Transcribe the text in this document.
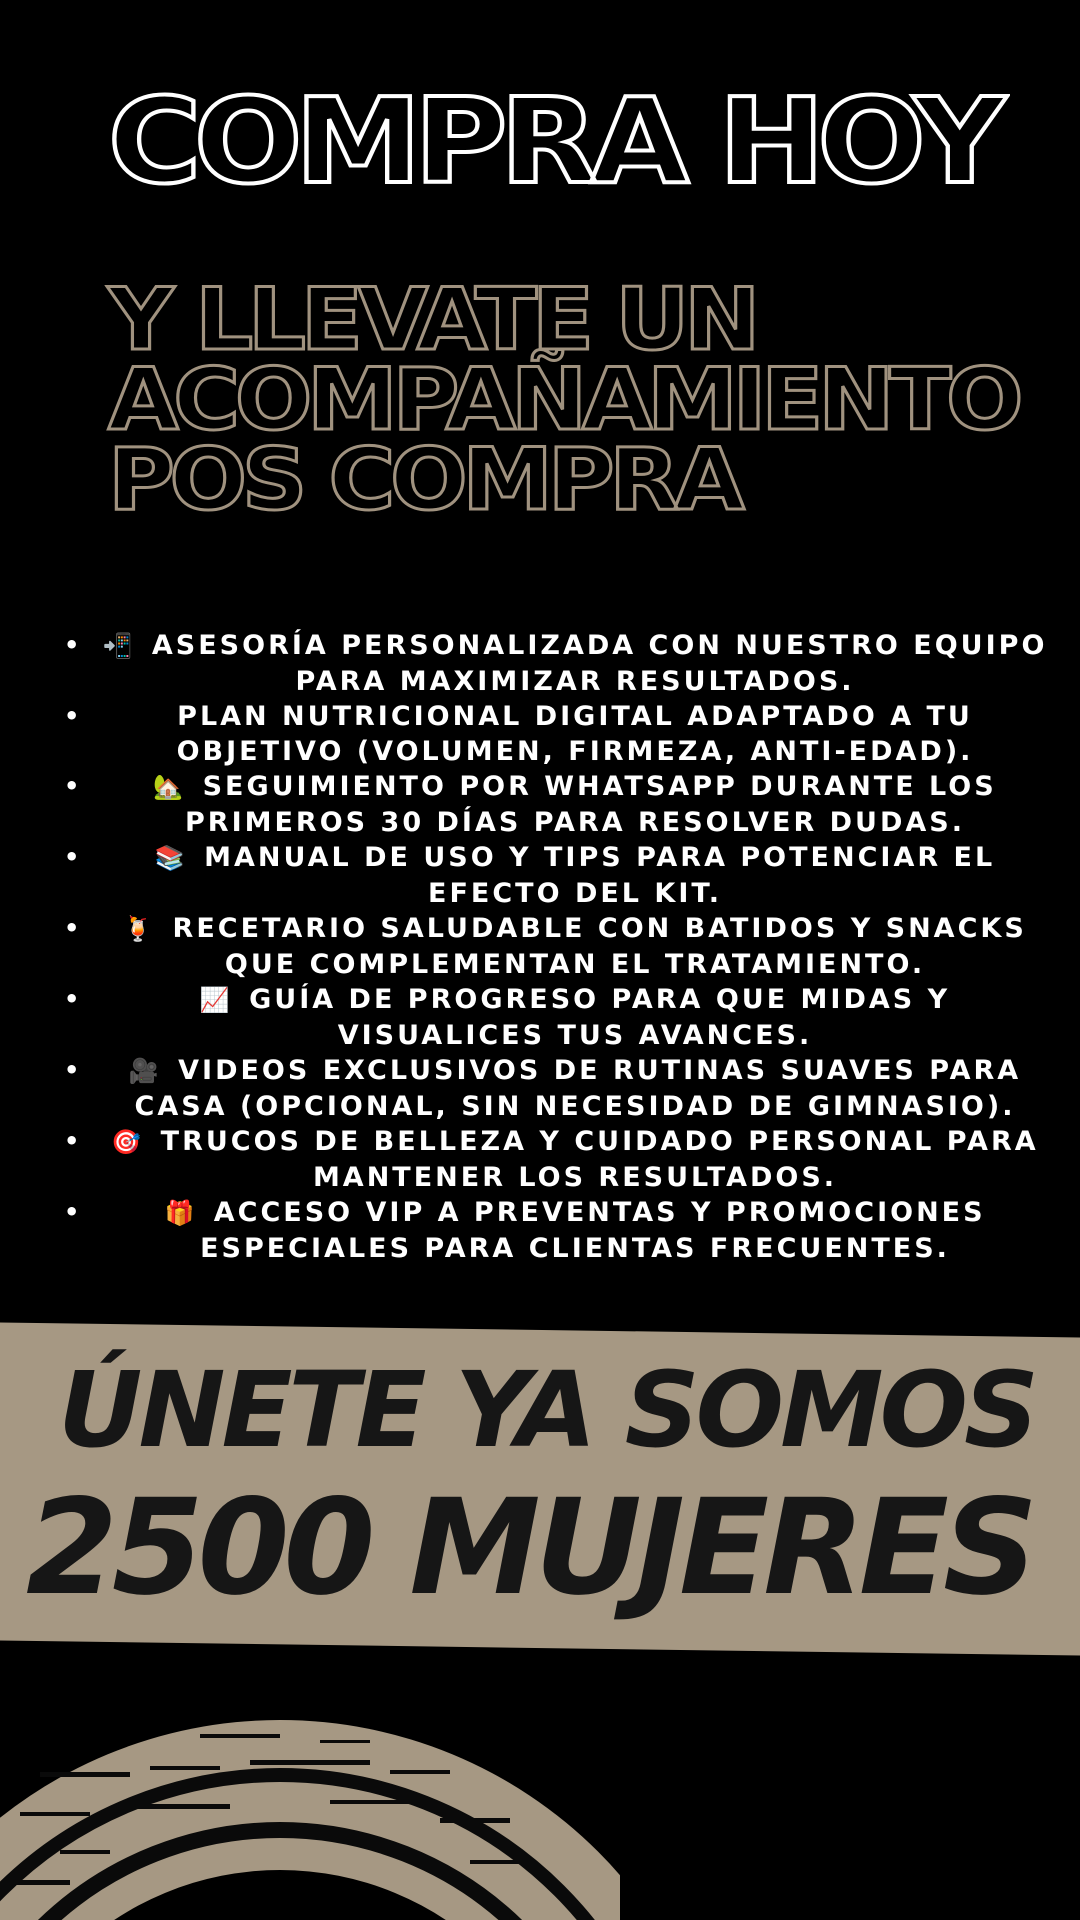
COMPRA HOY
Y LLEVATE UN
ACOMPAÑAMIENTO
POS COMPRA
• 📲 ASESORÍA PERSONALIZADA CON NUESTRO EQUIPO PARA MAXIMIZAR RESULTADOS.
•	PLAN NUTRICIONAL DIGITAL ADAPTADO A TU OBJETIVO (VOLUMEN, FIRMEZA, ANTI-EDAD).
•	🏡 SEGUIMIENTO POR WHATSAPP DURANTE LOS PRIMEROS 30 DÍAS PARA RESOLVER DUDAS.
•	📚 MANUAL DE USO Y TIPS PARA POTENCIAR EL EFECTO DEL KIT.
• 🍹 RECETARIO SALUDABLE CON BATIDOS Y SNACKS QUE COMPLEMENTAN EL TRATAMIENTO.
•	📈 GUÍA DE PROGRESO PARA QUE MIDAS Y VISUALICES TUS AVANCES.
• 🎥 VIDEOS EXCLUSIVOS DE RUTINAS SUAVES PARA CASA (OPCIONAL, SIN NECESIDAD DE GIMNASIO).
• 🎯 TRUCOS DE BELLEZA Y CUIDADO PERSONAL PARA MANTENER LOS RESULTADOS.
•	🎁 ACCESO VIP A PREVENTAS Y PROMOCIONES ESPECIALES PARA CLIENTAS FRECUENTES.
ÚNETE YA SOMOS
2500 MUJERES
